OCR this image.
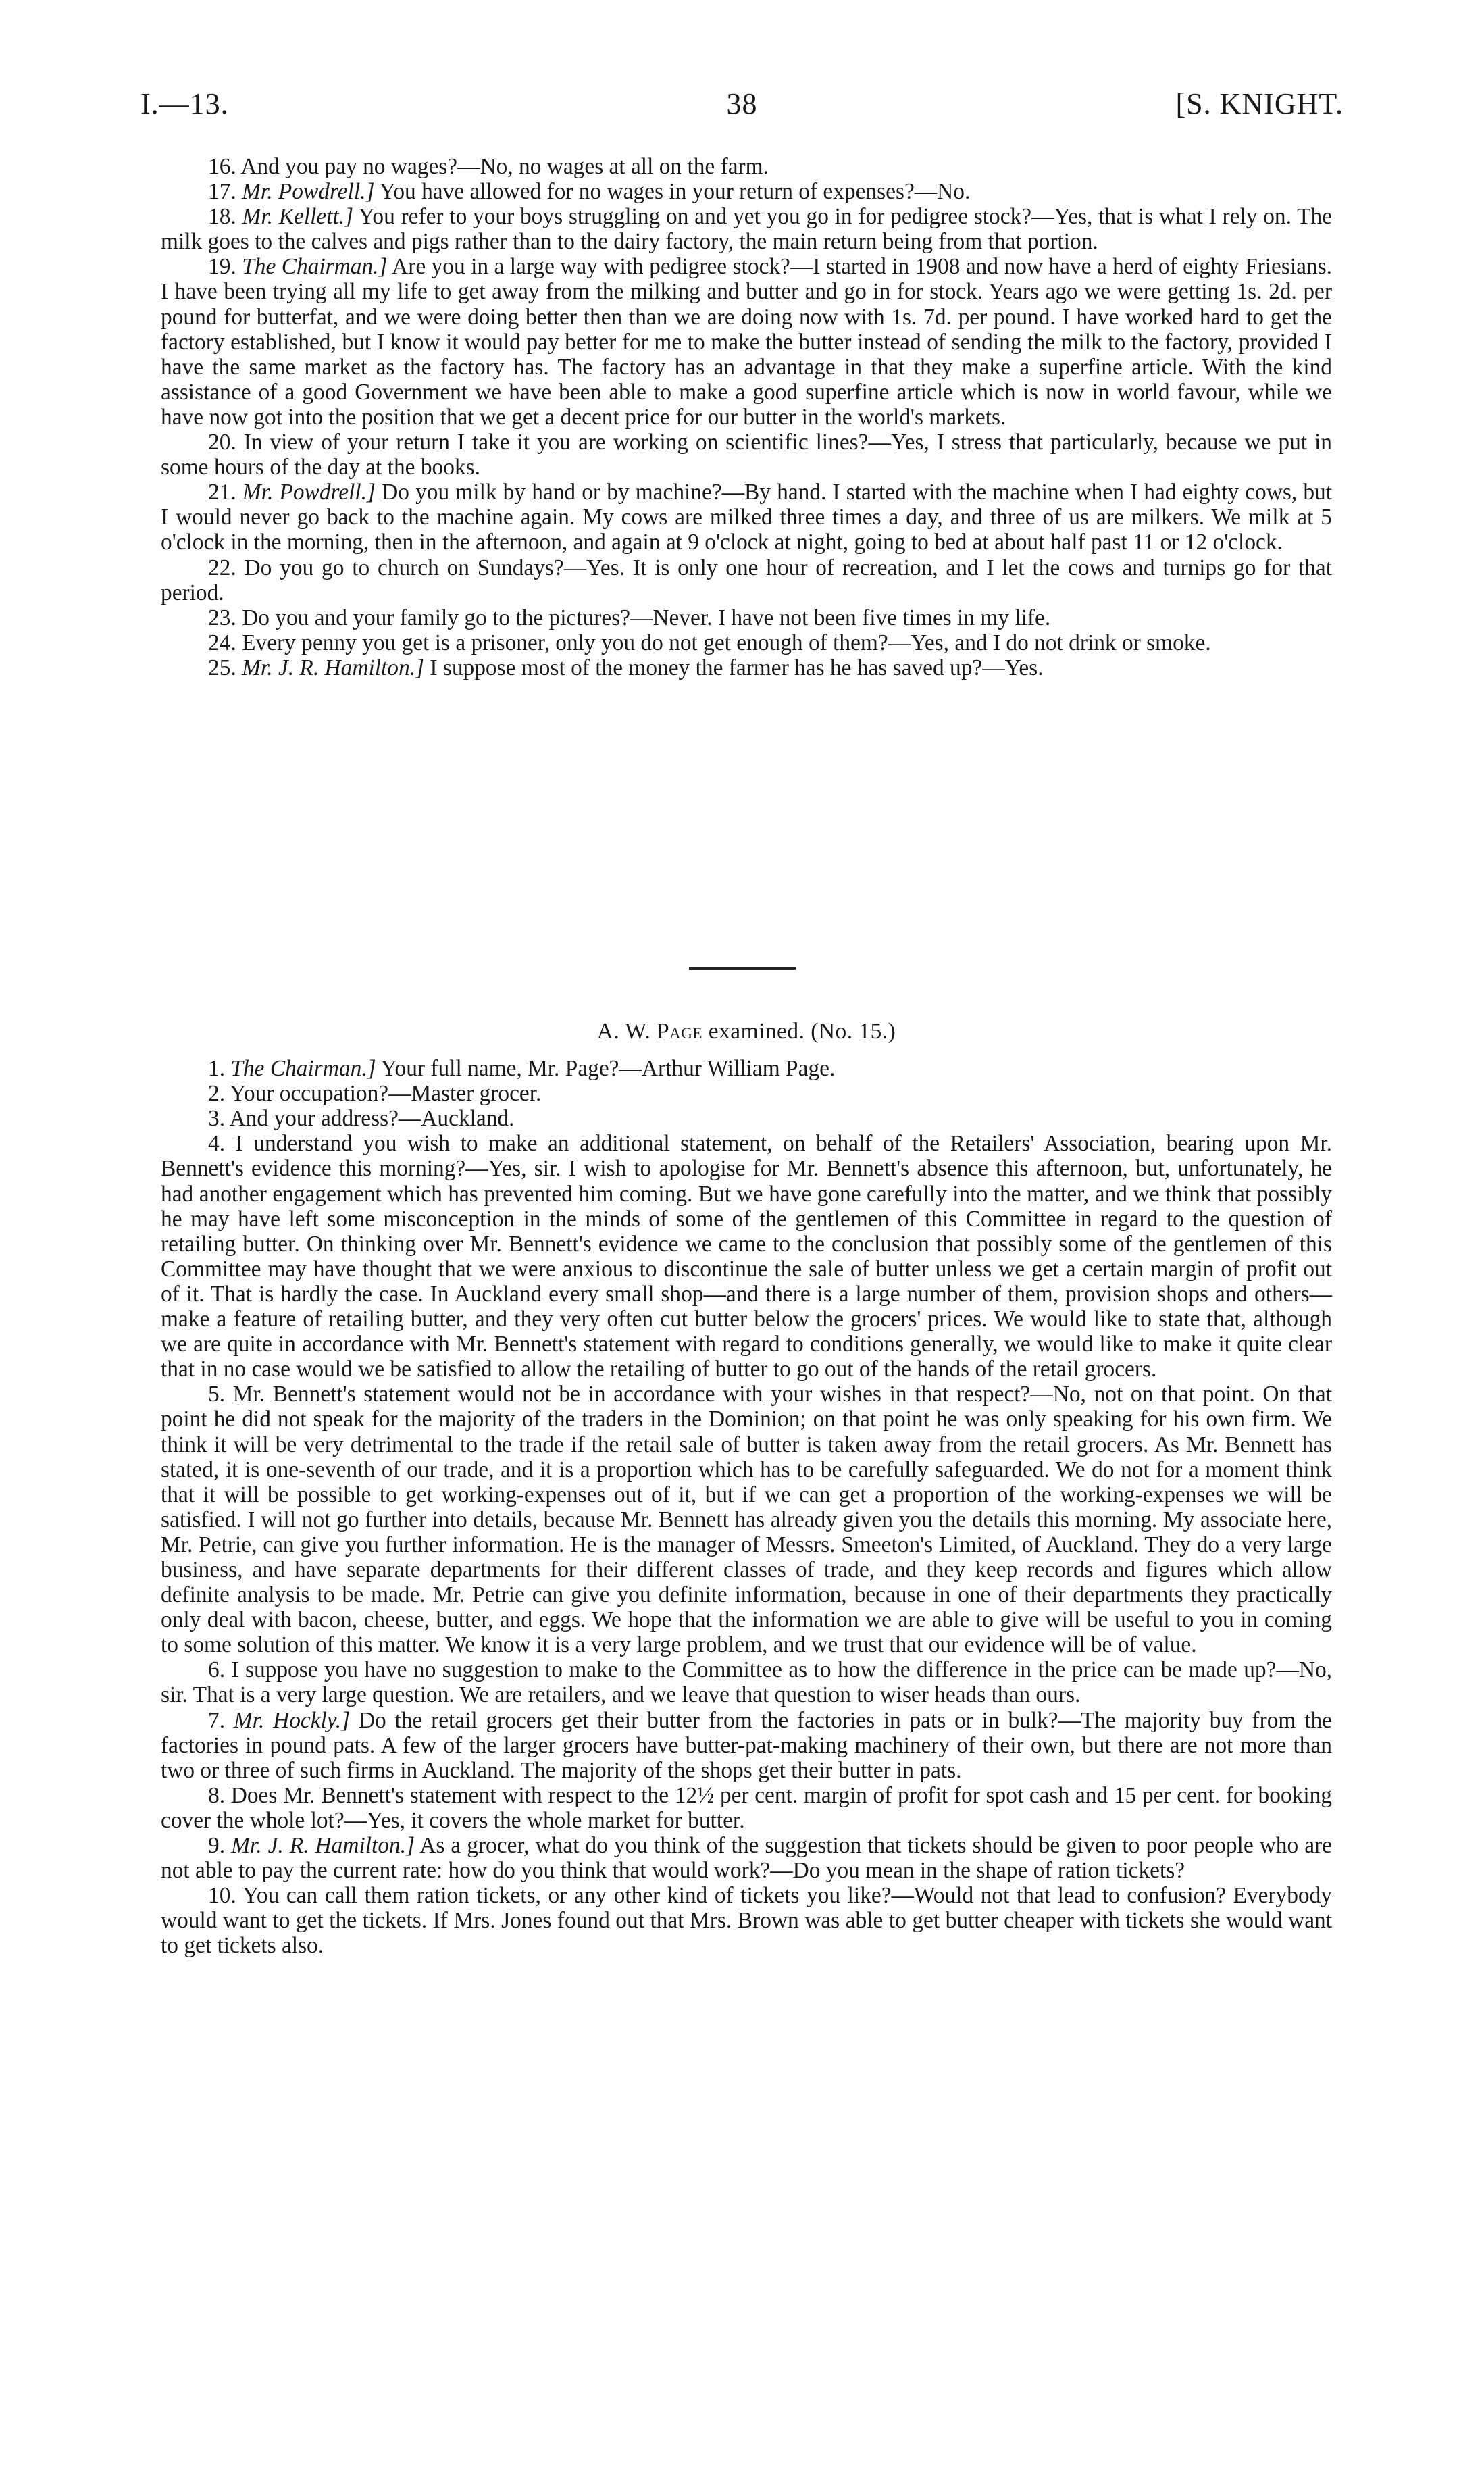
I.—13.	38	[S. KNIGHT.

16. And you pay no wages?—No, no wages at all on the farm.

17. Mr. Powdrell.] You have allowed for no wages in your return of expenses?—No.

18. Mr. Kellett.] You refer to your boys struggling on and yet you go in for pedigree stock?—Yes, that is what I rely on. The milk goes to the calves and pigs rather than to the dairy factory, the main return being from that portion.

19. The Chairman.] Are you in a large way with pedigree stock?—I started in 1908 and now have a herd of eighty Friesians. I have been trying all my life to get away from the milking and butter and go in for stock. Years ago we were getting 1s. 2d. per pound for butterfat, and we were doing better then than we are doing now with 1s. 7d. per pound. I have worked hard to get the factory established, but I know it would pay better for me to make the butter instead of sending the milk to the factory, provided I have the same market as the factory has. The factory has an advantage in that they make a superfine article. With the kind assistance of a good Government we have been able to make a good superfine article which is now in world favour, while we have now got into the position that we get a decent price for our butter in the world's markets.

20. In view of your return I take it you are working on scientific lines?—Yes, I stress that particularly, because we put in some hours of the day at the books.

21. Mr. Powdrell.] Do you milk by hand or by machine?—By hand. I started with the machine when I had eighty cows, but I would never go back to the machine again. My cows are milked three times a day, and three of us are milkers. We milk at 5 o'clock in the morning, then in the afternoon, and again at 9 o'clock at night, going to bed at about half past 11 or 12 o'clock.

22. Do you go to church on Sundays?—Yes. It is only one hour of recreation, and I let the cows and turnips go for that period.

23. Do you and your family go to the pictures?—Never. I have not been five times in my life.

24. Every penny you get is a prisoner, only you do not get enough of them?—Yes, and I do not drink or smoke.

25. Mr. J. R. Hamilton.] I suppose most of the money the farmer has he has saved up?—Yes.

A. W. Page examined. (No. 15.)

1. The Chairman.] Your full name, Mr. Page?—Arthur William Page.

2. Your occupation?—Master grocer.

3. And your address?—Auckland.

4. I understand you wish to make an additional statement, on behalf of the Retailers' Association, bearing upon Mr. Bennett's evidence this morning?—Yes, sir. I wish to apologise for Mr. Bennett's absence this afternoon, but, unfortunately, he had another engagement which has prevented him coming. But we have gone carefully into the matter, and we think that possibly he may have left some misconception in the minds of some of the gentlemen of this Committee in regard to the question of retailing butter. On thinking over Mr. Bennett's evidence we came to the conclusion that possibly some of the gentlemen of this Committee may have thought that we were anxious to discontinue the sale of butter unless we get a certain margin of profit out of it. That is hardly the case. In Auckland every small shop—and there is a large number of them, provision shops and others—make a feature of retailing butter, and they very often cut butter below the grocers' prices. We would like to state that, although we are quite in accordance with Mr. Bennett's statement with regard to conditions generally, we would like to make it quite clear that in no case would we be satisfied to allow the retailing of butter to go out of the hands of the retail grocers.

5. Mr. Bennett's statement would not be in accordance with your wishes in that respect?—No, not on that point. On that point he did not speak for the majority of the traders in the Dominion; on that point he was only speaking for his own firm. We think it will be very detrimental to the trade if the retail sale of butter is taken away from the retail grocers. As Mr. Bennett has stated, it is one-seventh of our trade, and it is a proportion which has to be carefully safeguarded. We do not for a moment think that it will be possible to get working-expenses out of it, but if we can get a proportion of the working-expenses we will be satisfied. I will not go further into details, because Mr. Bennett has already given you the details this morning. My associate here, Mr. Petrie, can give you further information. He is the manager of Messrs. Smeeton's Limited, of Auckland. They do a very large business, and have separate departments for their different classes of trade, and they keep records and figures which allow definite analysis to be made. Mr. Petrie can give you definite information, because in one of their departments they practically only deal with bacon, cheese, butter, and eggs. We hope that the information we are able to give will be useful to you in coming to some solution of this matter. We know it is a very large problem, and we trust that our evidence will be of value.

6. I suppose you have no suggestion to make to the Committee as to how the difference in the price can be made up?—No, sir. That is a very large question. We are retailers, and we leave that question to wiser heads than ours.

7. Mr. Hockly.] Do the retail grocers get their butter from the factories in pats or in bulk?—The majority buy from the factories in pound pats. A few of the larger grocers have butter-pat-making machinery of their own, but there are not more than two or three of such firms in Auckland. The majority of the shops get their butter in pats.

8. Does Mr. Bennett's statement with respect to the 12½ per cent. margin of profit for spot cash and 15 per cent. for booking cover the whole lot?—Yes, it covers the whole market for butter.

9. Mr. J. R. Hamilton.] As a grocer, what do you think of the suggestion that tickets should be given to poor people who are not able to pay the current rate: how do you think that would work?—Do you mean in the shape of ration tickets?

10. You can call them ration tickets, or any other kind of tickets you like?—Would not that lead to confusion? Everybody would want to get the tickets. If Mrs. Jones found out that Mrs. Brown was able to get butter cheaper with tickets she would want to get tickets also.
